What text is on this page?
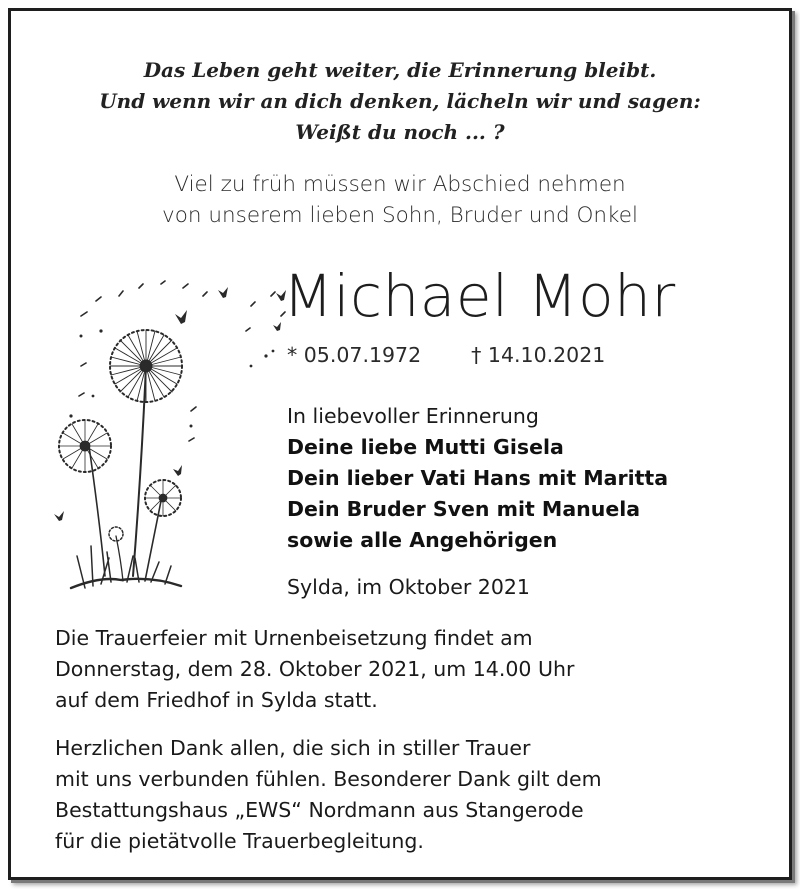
Das Leben geht weiter, die Erinnerung bleibt.
Und wenn wir an dich denken, lächeln wir und sagen:
Weißt du noch ... ?
Viel zu früh müssen wir Abschied nehmen
von unserem lieben Sohn, Bruder und Onkel
Michael Mohr
* 05.07.1972 † 14.10.2021
In liebevoller Erinnerung
Deine liebe Mutti Gisela
Dein lieber Vati Hans mit Maritta
Dein Bruder Sven mit Manuela
sowie alle Angehörigen
Sylda, im Oktober 2021
Die Trauerfeier mit Urnenbeisetzung findet am
Donnerstag, dem 28. Oktober 2021, um 14.00 Uhr
auf dem Friedhof in Sylda statt.
Herzlichen Dank allen, die sich in stiller Trauer
mit uns verbunden fühlen. Besonderer Dank gilt dem
Bestattungshaus „EWS“ Nordmann aus Stangerode
für die pietätvolle Trauerbegleitung.
